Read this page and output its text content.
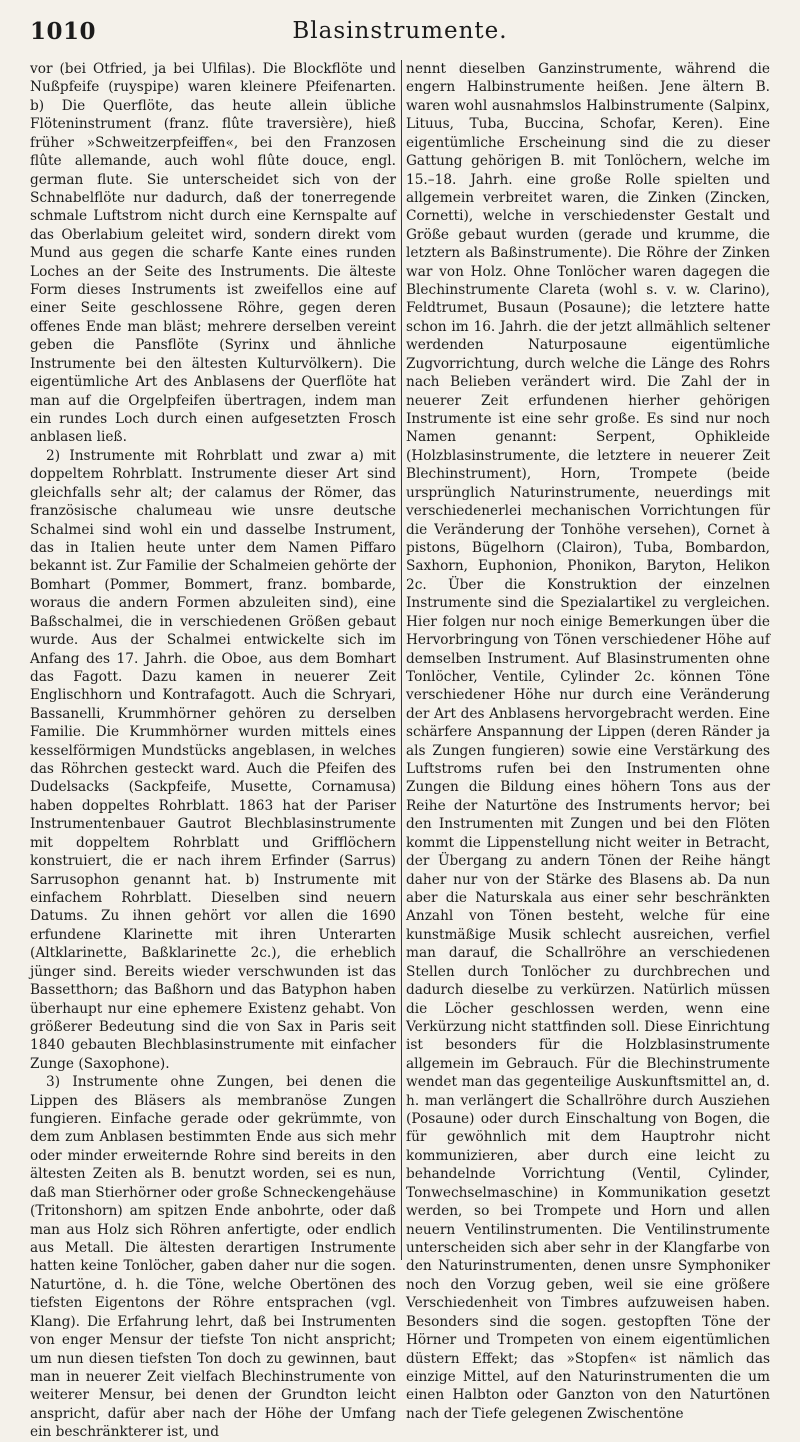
1010	Blasinstrumente.

vor (bei Otfried, ja bei Ulfilas). Die Blockflöte und Nußpfeife (ruyspipe) waren kleinere Pfeifenarten. b) Die Querflöte, das heute allein übliche Flöteninstrument (franz. flûte traversière), hieß früher »Schweitzerpfeiffen«, bei den Franzosen flûte allemande, auch wohl flûte douce, engl. german flute. Sie unterscheidet sich von der Schnabelflöte nur dadurch, daß der tonerregende schmale Luftstrom nicht durch eine Kernspalte auf das Oberlabium geleitet wird, sondern direkt vom Mund aus gegen die scharfe Kante eines runden Loches an der Seite des Instruments. Die älteste Form dieses Instruments ist zweifellos eine auf einer Seite geschlossene Röhre, gegen deren offenes Ende man bläst; mehrere derselben vereint geben die Pansflöte (Syrinx und ähnliche Instrumente bei den ältesten Kulturvölkern). Die eigentümliche Art des Anblasens der Querflöte hat man auf die Orgelpfeifen übertragen, indem man ein rundes Loch durch einen aufgesetzten Frosch anblasen ließ.

2) Instrumente mit Rohrblatt und zwar a) mit doppeltem Rohrblatt. Instrumente dieser Art sind gleichfalls sehr alt; der calamus der Römer, das französische chalumeau wie unsre deutsche Schalmei sind wohl ein und dasselbe Instrument, das in Italien heute unter dem Namen Piffaro bekannt ist. Zur Familie der Schalmeien gehörte der Bomhart (Pommer, Bommert, franz. bombarde, woraus die andern Formen abzuleiten sind), eine Baßschalmei, die in verschiedenen Größen gebaut wurde. Aus der Schalmei entwickelte sich im Anfang des 17. Jahrh. die Oboe, aus dem Bomhart das Fagott. Dazu kamen in neuerer Zeit Englischhorn und Kontrafagott. Auch die Schryari, Bassanelli, Krummhörner gehören zu derselben Familie. Die Krummhörner wurden mittels eines kesselförmigen Mundstücks angeblasen, in welches das Röhrchen gesteckt ward. Auch die Pfeifen des Dudelsacks (Sackpfeife, Musette, Cornamusa) haben doppeltes Rohrblatt. 1863 hat der Pariser Instrumentenbauer Gautrot Blechblasinstrumente mit doppeltem Rohrblatt und Grifflöchern konstruiert, die er nach ihrem Erfinder (Sarrus) Sarrusophon genannt hat. b) Instrumente mit einfachem Rohrblatt. Dieselben sind neuern Datums. Zu ihnen gehört vor allen die 1690 erfundene Klarinette mit ihren Unterarten (Altklarinette, Baßklarinette 2c.), die erheblich jünger sind. Bereits wieder verschwunden ist das Bassetthorn; das Baßhorn und das Batyphon haben überhaupt nur eine ephemere Existenz gehabt. Von größerer Bedeutung sind die von Sax in Paris seit 1840 gebauten Blechblasinstrumente mit einfacher Zunge (Saxophone).

3) Instrumente ohne Zungen, bei denen die Lippen des Bläsers als membranöse Zungen fungieren. Einfache gerade oder gekrümmte, von dem zum Anblasen bestimmten Ende aus sich mehr oder minder erweiternde Rohre sind bereits in den ältesten Zeiten als B. benutzt worden, sei es nun, daß man Stierhörner oder große Schneckengehäuse (Tritonshorn) am spitzen Ende anbohrte, oder daß man aus Holz sich Röhren anfertigte, oder endlich aus Metall. Die ältesten derartigen Instrumente hatten keine Tonlöcher, gaben daher nur die sogen. Naturtöne, d. h. die Töne, welche Obertönen des tiefsten Eigentons der Röhre entsprachen (vgl. Klang). Die Erfahrung lehrt, daß bei Instrumenten von enger Mensur der tiefste Ton nicht anspricht; um nun diesen tiefsten Ton doch zu gewinnen, baut man in neuerer Zeit vielfach Blechinstrumente von weiterer Mensur, bei denen der Grundton leicht anspricht, dafür aber nach der Höhe der Umfang ein beschränkterer ist, und

nennt dieselben Ganzinstrumente, während die engern Halbinstrumente heißen. Jene ältern B. waren wohl ausnahmslos Halbinstrumente (Salpinx, Lituus, Tuba, Buccina, Schofar, Keren). Eine eigentümliche Erscheinung sind die zu dieser Gattung gehörigen B. mit Tonlöchern, welche im 15.–18. Jahrh. eine große Rolle spielten und allgemein verbreitet waren, die Zinken (Zincken, Cornetti), welche in verschiedenster Gestalt und Größe gebaut wurden (gerade und krumme, die letztern als Baßinstrumente). Die Röhre der Zinken war von Holz. Ohne Tonlöcher waren dagegen die Blechinstrumente Clareta (wohl s. v. w. Clarino), Feldtrumet, Busaun (Posaune); die letztere hatte schon im 16. Jahrh. die der jetzt allmählich seltener werdenden Naturposaune eigentümliche Zugvorrichtung, durch welche die Länge des Rohrs nach Belieben verändert wird. Die Zahl der in neuerer Zeit erfundenen hierher gehörigen Instrumente ist eine sehr große. Es sind nur noch Namen genannt: Serpent, Ophikleide (Holzblasinstrumente, die letztere in neuerer Zeit Blechinstrument), Horn, Trompete (beide ursprünglich Naturinstrumente, neuerdings mit verschiedenerlei mechanischen Vorrichtungen für die Veränderung der Tonhöhe versehen), Cornet à pistons, Bügelhorn (Clairon), Tuba, Bombardon, Saxhorn, Euphonion, Phonikon, Baryton, Helikon 2c. Über die Konstruktion der einzelnen Instrumente sind die Spezialartikel zu vergleichen. Hier folgen nur noch einige Bemerkungen über die Hervorbringung von Tönen verschiedener Höhe auf demselben Instrument. Auf Blasinstrumenten ohne Tonlöcher, Ventile, Cylinder 2c. können Töne verschiedener Höhe nur durch eine Veränderung der Art des Anblasens hervorgebracht werden. Eine schärfere Anspannung der Lippen (deren Ränder ja als Zungen fungieren) sowie eine Verstärkung des Luftstroms rufen bei den Instrumenten ohne Zungen die Bildung eines höhern Tons aus der Reihe der Naturtöne des Instruments hervor; bei den Instrumenten mit Zungen und bei den Flöten kommt die Lippenstellung nicht weiter in Betracht, der Übergang zu andern Tönen der Reihe hängt daher nur von der Stärke des Blasens ab. Da nun aber die Naturskala aus einer sehr beschränkten Anzahl von Tönen besteht, welche für eine kunstmäßige Musik schlecht ausreichen, verfiel man darauf, die Schallröhre an verschiedenen Stellen durch Tonlöcher zu durchbrechen und dadurch dieselbe zu verkürzen. Natürlich müssen die Löcher geschlossen werden, wenn eine Verkürzung nicht stattfinden soll. Diese Einrichtung ist besonders für die Holzblasinstrumente allgemein im Gebrauch. Für die Blechinstrumente wendet man das gegenteilige Auskunftsmittel an, d. h. man verlängert die Schallröhre durch Ausziehen (Posaune) oder durch Einschaltung von Bogen, die für gewöhnlich mit dem Hauptrohr nicht kommunizieren, aber durch eine leicht zu behandelnde Vorrichtung (Ventil, Cylinder, Tonwechselmaschine) in Kommunikation gesetzt werden, so bei Trompete und Horn und allen neuern Ventilinstrumenten. Die Ventilinstrumente unterscheiden sich aber sehr in der Klangfarbe von den Naturinstrumenten, denen unsre Symphoniker noch den Vorzug geben, weil sie eine größere Verschiedenheit von Timbres aufzuweisen haben. Besonders sind die sogen. gestopften Töne der Hörner und Trompeten von einem eigentümlichen düstern Effekt; das »Stopfen« ist nämlich das einzige Mittel, auf den Naturinstrumenten die um einen Halbton oder Ganzton von den Naturtönen nach der Tiefe gelegenen Zwischentöne
